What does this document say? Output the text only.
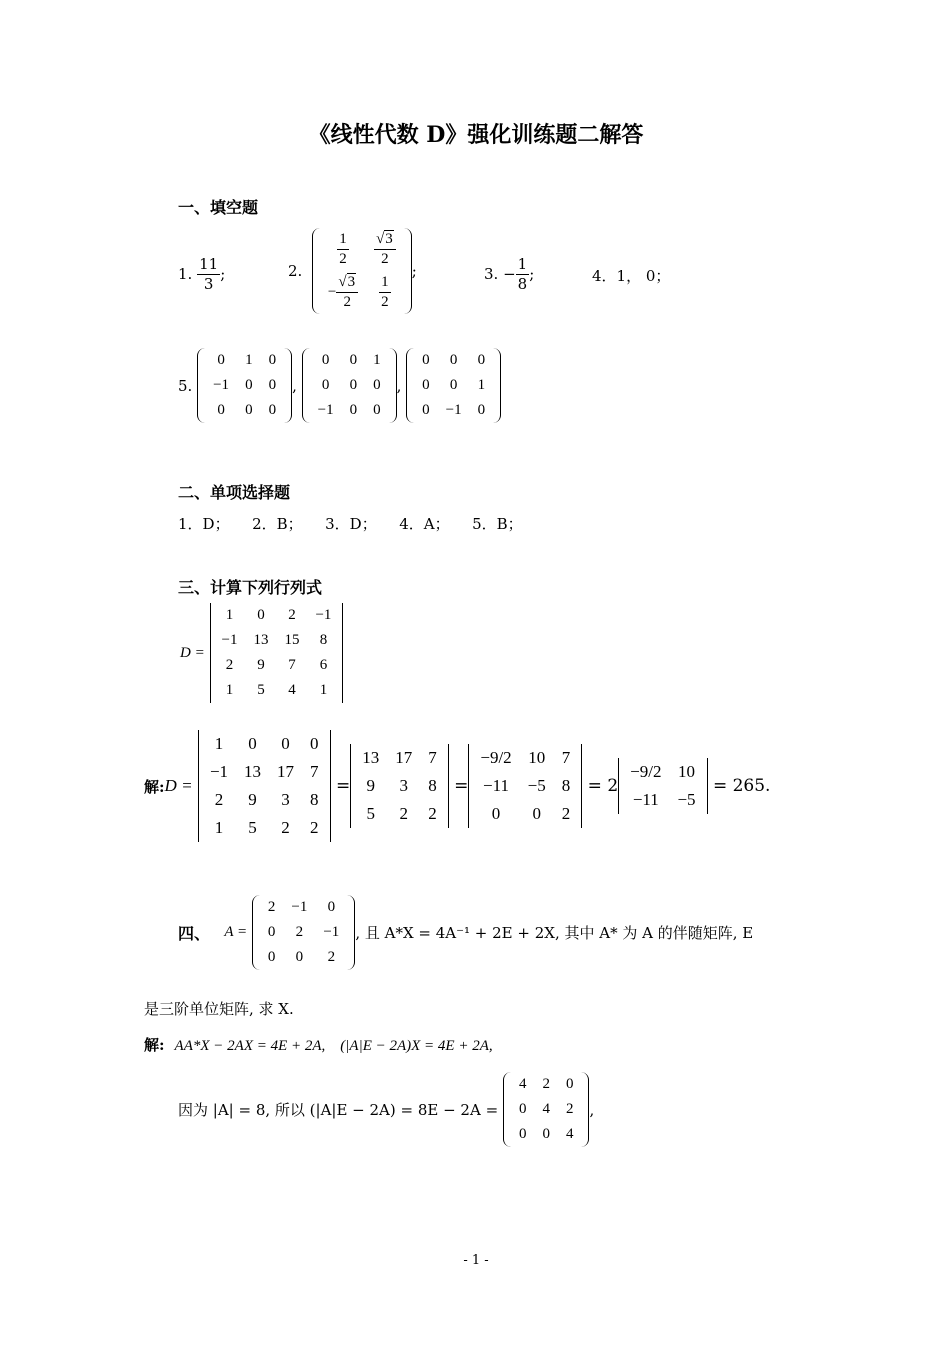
《线性代数 D》强化训练题二解答
一、填空题
1.
$\frac{11}{3}$ ;	2.

$\frac{1}{2}$	$\frac{√3}{2}$

− $\frac{√3}{2}$	$\frac{1}{2}$
;	3.
− $\frac{1}{8}$ ;	4．1， 0；
5.

0	1	0
−1	0	0
0	0	0
,

0	0	1
0	0	0
−1	0	0
,

0	0	0
0	0	1
0	−1	0
二、单项选择题
1．D；　　2．B；　　3．D；　　4．A；　　5．B；
三、计算下列行列式
D =

1	0	2	−1
−1	13	15	8
2	9	7	6
1	5	4	1
解: D =

1	0	0	0
−1	13	17	7
2	9	3	8
1	5	2	2

=
13	17	7
9	3	8
5	2	2

=
−9/2	10	7
−11	−5	8
0	0	2

= 2
−9/2	10
−11	−5

= 265.
四、
A =

2	−1	0
0	2	−1
0	0	2
, 且 A*X = 4A⁻¹ + 2E + 2X, 其中 A* 为 A 的伴随矩阵, E
是三阶单位矩阵, 求 X.
解: AA*X − 2AX = 4E + 2A,　(|A|E − 2A)X = 4E + 2A,
因为 |A| = 8, 所以 (|A|E − 2A) = 8E − 2A =

4	2	0
0	4	2
0	0	4
,
- 1 -
